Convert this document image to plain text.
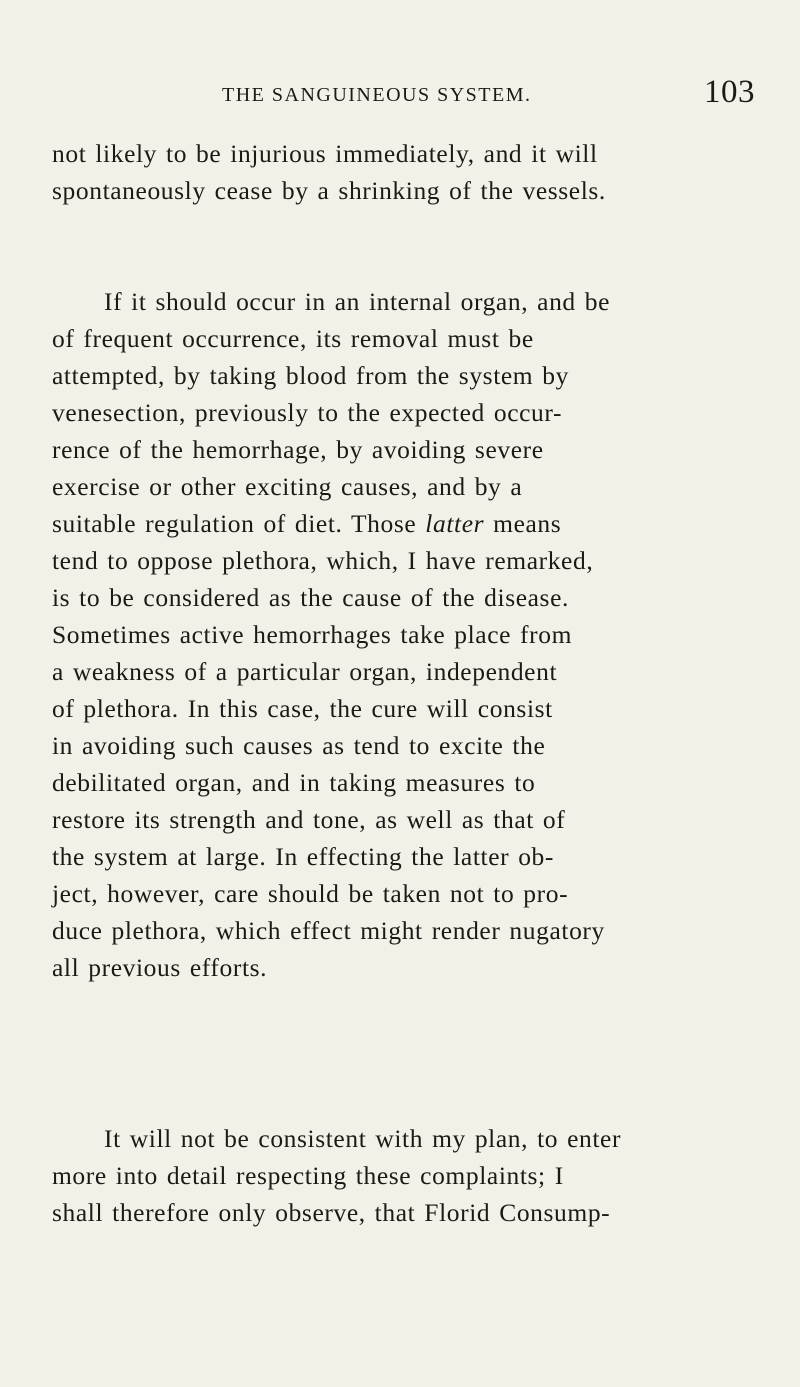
THE SANGUINEOUS SYSTEM.	103
not likely to be injurious immediately, and it will
spontaneously cease by a shrinking of the vessels.
If it should occur in an internal organ, and be
of frequent occurrence, its removal must be
attempted, by taking blood from the system by
venesection, previously to the expected occur-
rence of the hemorrhage, by avoiding severe
exercise or other exciting causes, and by a
suitable regulation of diet. Those latter means
tend to oppose plethora, which, I have remarked,
is to be considered as the cause of the disease.
Sometimes active hemorrhages take place from
a weakness of a particular organ, independent
of plethora. In this case, the cure will consist
in avoiding such causes as tend to excite the
debilitated organ, and in taking measures to
restore its strength and tone, as well as that of
the system at large. In effecting the latter ob-
ject, however, care should be taken not to pro-
duce plethora, which effect might render nugatory
all previous efforts.
It will not be consistent with my plan, to enter
more into detail respecting these complaints; I
shall therefore only observe, that Florid Consump-
